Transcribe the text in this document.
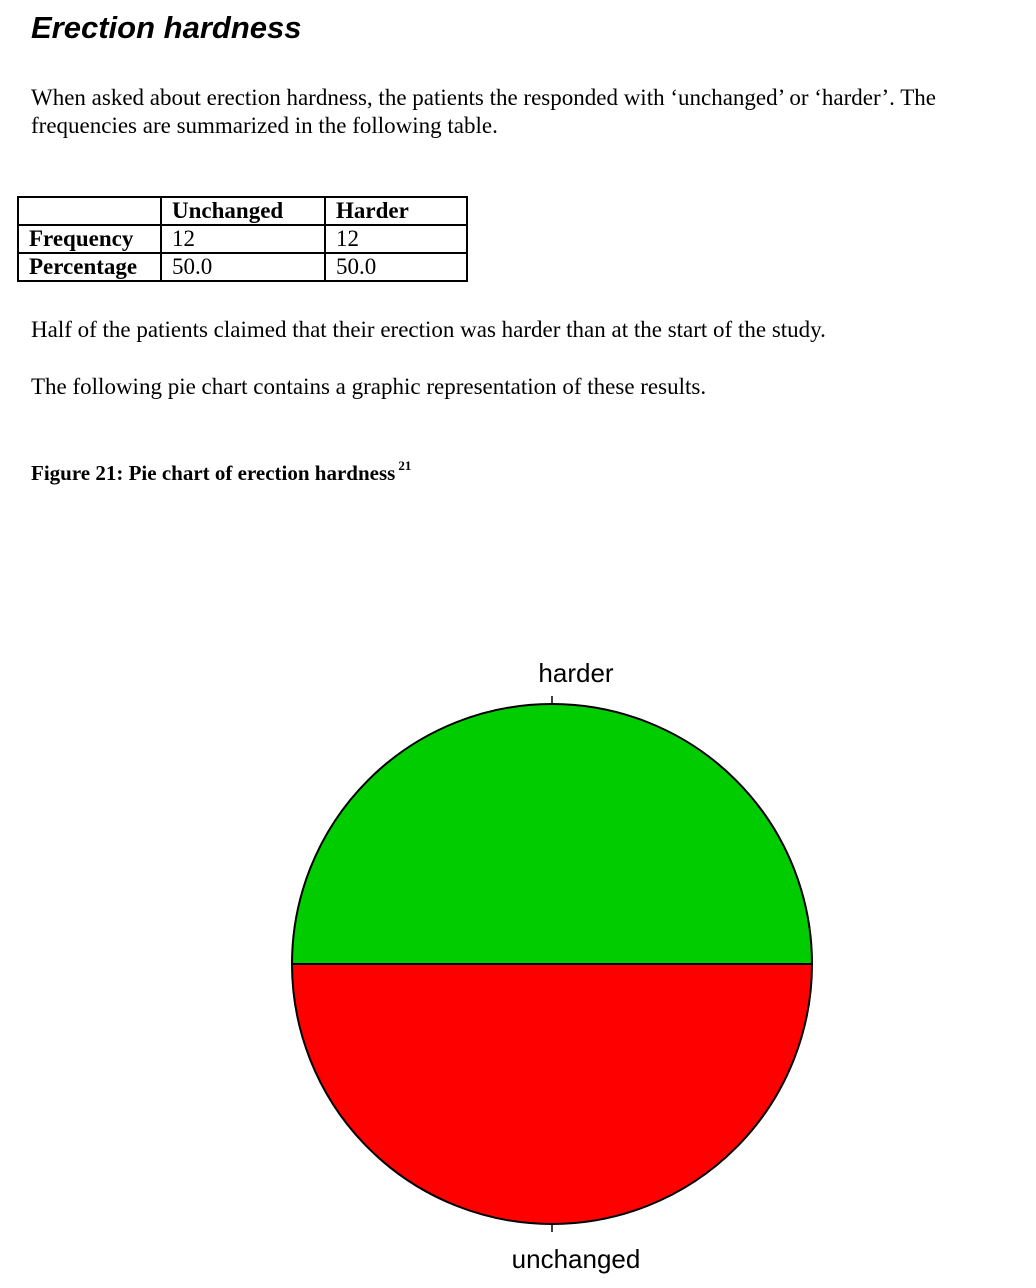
Erection hardness

When asked about erection hardness, the patients the responded with ‘unchanged’ or ‘harder’. The frequencies are summarized in the following table.

	Unchanged	Harder
Frequency	12	12
Percentage	50.0	50.0

Half of the patients claimed that their erection was harder than at the start of the study.

The following pie chart contains a graphic representation of these results.

Figure 21: Pie chart of erection hardness $^{21}$

harder
unchanged
